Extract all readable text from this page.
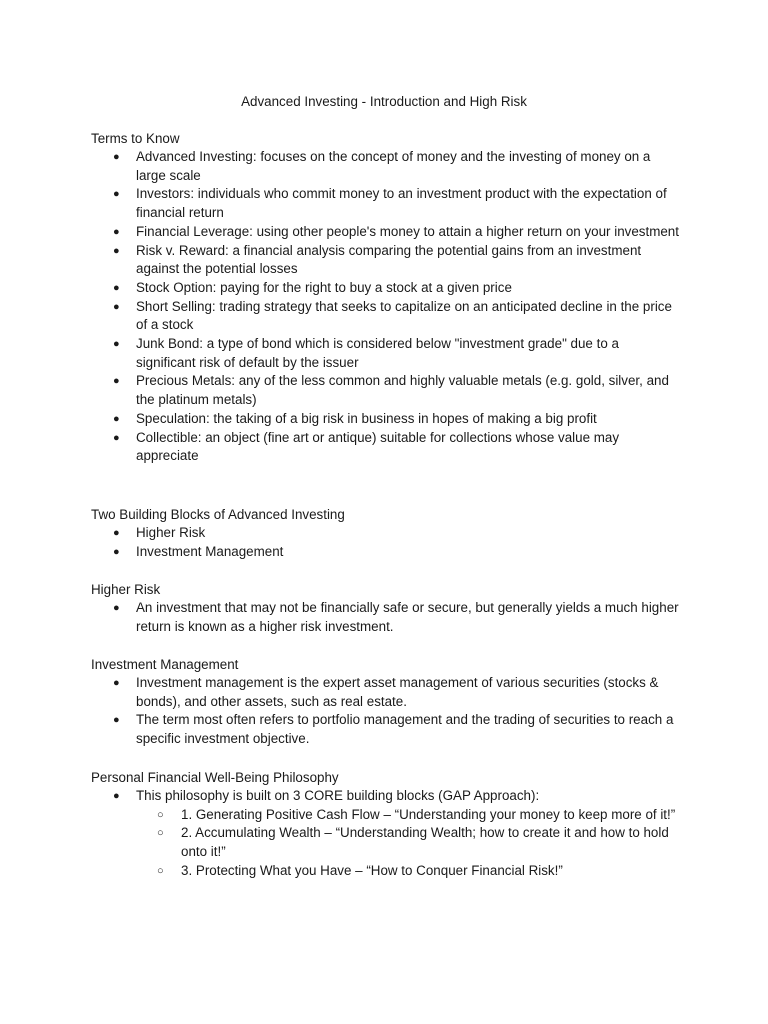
Advanced Investing - Introduction and High Risk
Terms to Know
● Advanced Investing: focuses on the concept of money and the investing of money on a large scale
● Investors: individuals who commit money to an investment product with the expectation of financial return
● Financial Leverage: using other people's money to attain a higher return on your investment
● Risk v. Reward: a financial analysis comparing the potential gains from an investment against the potential losses
● Stock Option: paying for the right to buy a stock at a given price
● Short Selling: trading strategy that seeks to capitalize on an anticipated decline in the price of a stock
● Junk Bond: a type of bond which is considered below "investment grade" due to a significant risk of default by the issuer
● Precious Metals: any of the less common and highly valuable metals (e.g. gold, silver, and the platinum metals)
● Speculation: the taking of a big risk in business in hopes of making a big profit
● Collectible: an object (fine art or antique) suitable for collections whose value may appreciate
Two Building Blocks of Advanced Investing
● Higher Risk
● Investment Management
Higher Risk
● An investment that may not be financially safe or secure, but generally yields a much higher return is known as a higher risk investment.
Investment Management
● Investment management is the expert asset management of various securities (stocks & bonds), and other assets, such as real estate.
● The term most often refers to portfolio management and the trading of securities to reach a specific investment objective.
Personal Financial Well-Being Philosophy
● This philosophy is built on 3 CORE building blocks (GAP Approach):
○ 1. Generating Positive Cash Flow – “Understanding your money to keep more of it!”
○ 2. Accumulating Wealth – “Understanding Wealth; how to create it and how to hold onto it!”
○ 3. Protecting What you Have – “How to Conquer Financial Risk!”
